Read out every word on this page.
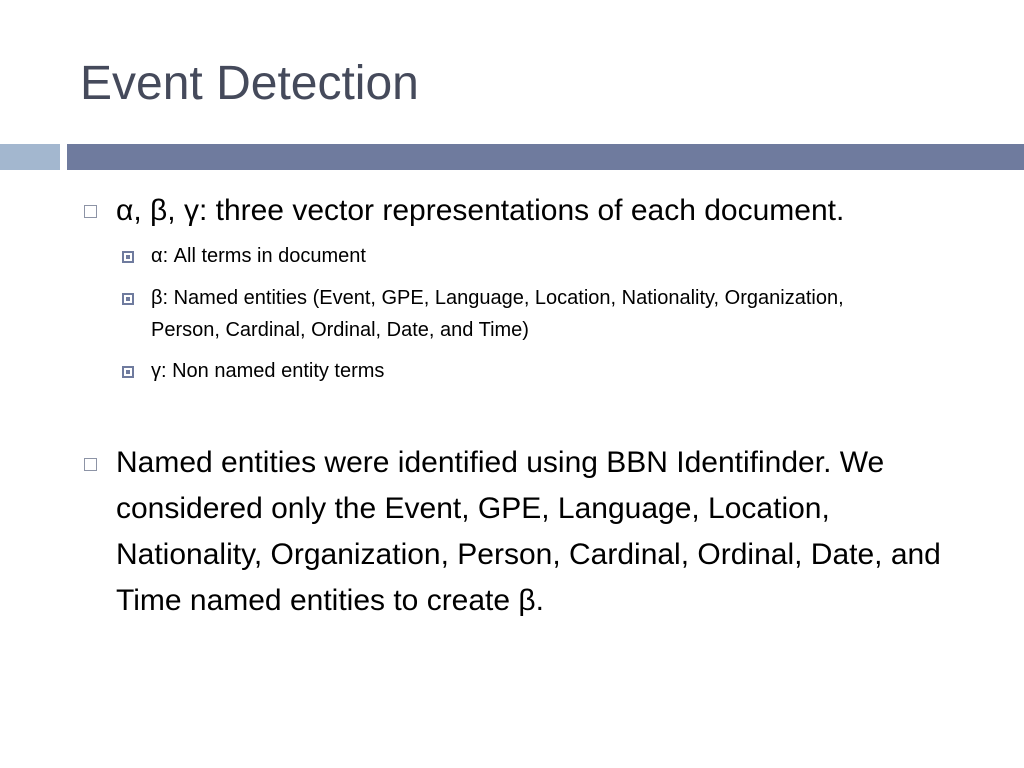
Event Detection
α, β, γ: three vector representations of each document.
α: All terms in document
β: Named entities (Event, GPE, Language, Location, Nationality, Organization, Person, Cardinal, Ordinal, Date, and Time)
γ: Non named entity terms
Named entities were identified using BBN Identifinder. We considered only the Event, GPE, Language, Location, Nationality, Organization, Person, Cardinal, Ordinal, Date, and Time named entities to create β.
